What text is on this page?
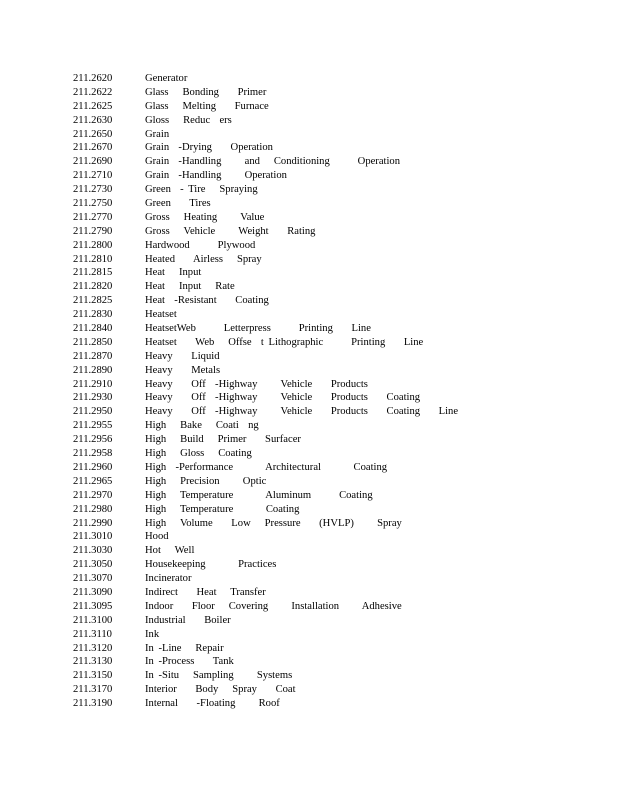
211.2620	Generator
211.2622	Glass   Bonding    Primer
211.2625	Glass   Melting    Furnace
211.2630	Gloss   Reduc  ers
211.2650	Grain
211.2670	Grain  -Drying    Operation
211.2690	Grain  -Handling     and   Conditioning      Operation
211.2710	Grain  -Handling     Operation
211.2730	Green  - Tire   Spraying
211.2750	Green    Tires
211.2770	Gross   Heating     Value
211.2790	Gross   Vehicle     Weight    Rating
211.2800	Hardwood      Plywood
211.2810	Heated    Airless   Spray
211.2815	Heat   Input
211.2820	Heat   Input   Rate
211.2825	Heat  -Resistant    Coating
211.2830	Heatset
211.2840	HeatsetWeb      Letterpress      Printing    Line
211.2850	Heatset    Web   Offse  t Lithographic      Printing    Line
211.2870	Heavy    Liquid
211.2890	Heavy    Metals
211.2910	Heavy    Off  -Highway     Vehicle    Products
211.2930	Heavy    Off  -Highway     Vehicle    Products    Coating
211.2950	Heavy    Off  -Highway     Vehicle    Products    Coating    Line
211.2955	High   Bake   Coati  ng
211.2956	High   Build   Primer    Surfacer
211.2958	High   Gloss   Coating
211.2960	High  -Performance       Architectural       Coating
211.2965	High   Precision     Optic
211.2970	High   Temperature       Aluminum      Coating
211.2980	High   Temperature       Coating
211.2990	High   Volume    Low   Pressure    (HVLP)     Spray
211.3010	Hood
211.3030	Hot   Well
211.3050	Housekeeping       Practices
211.3070	Incinerator
211.3090	Indirect    Heat   Transfer
211.3095	Indoor    Floor   Covering     Installation     Adhesive
211.3100	Industrial    Boiler
211.3110	Ink
211.3120	In -Line   Repair
211.3130	In -Process    Tank
211.3150	In -Situ   Sampling     Systems
211.3170	Interior    Body   Spray    Coat
211.3190	Internal    -Floating     Roof
